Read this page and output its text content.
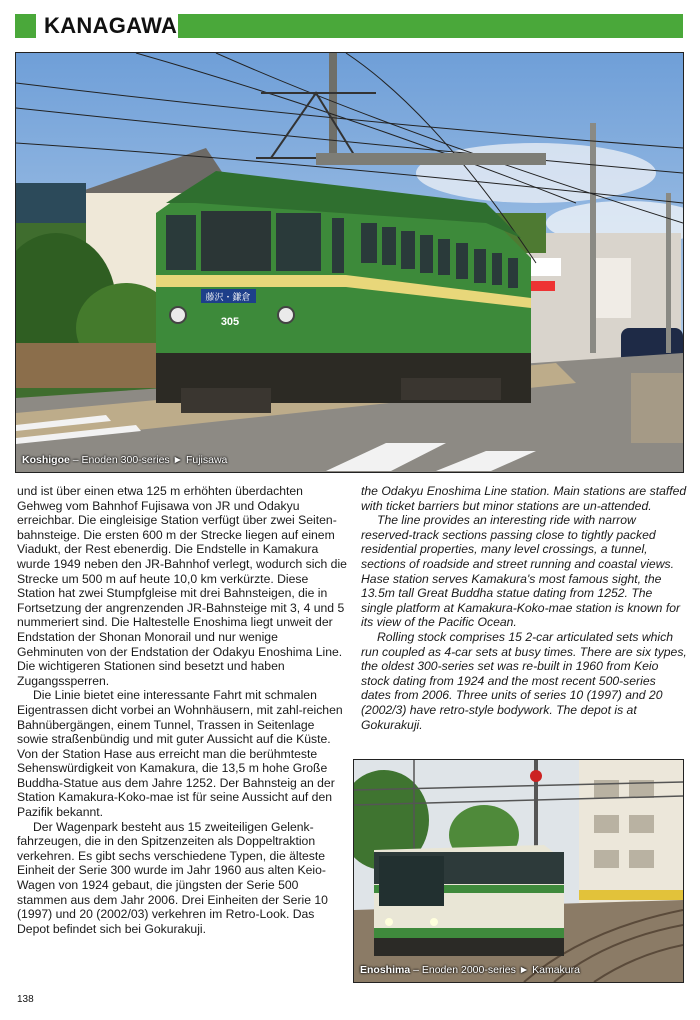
KANAGAWA
藤沢・鎌倉
305
Koshigoe – Enoden 300-series ► Fujisawa

und ist über einen etwa 125 m erhöhten überdachten Gehweg vom Bahnhof Fujisawa von JR und Odakyu erreichbar. Die eingleisige Station verfügt über zwei Seiten-bahnsteige. Die ersten 600 m der Strecke liegen auf einem Viadukt, der Rest ebenerdig. Die Endstelle in Kamakura wurde 1949 neben den JR-Bahnhof verlegt, wodurch sich die Strecke um 500 m auf heute 10,0 km verkürzte. Diese Station hat zwei Stumpfgleise mit drei Bahnsteigen, die in Fortsetzung der angrenzenden JR-Bahnsteige mit 3, 4 und 5 nummeriert sind. Die Haltestelle Enoshima liegt unweit der Endstation der Shonan Monorail und nur wenige Gehminuten von der Endstation der Odakyu Enoshima Line. Die wichtigeren Stationen sind besetzt und haben Zugangssperren.

Die Linie bietet eine interessante Fahrt mit schmalen Eigentrassen dicht vorbei an Wohnhäusern, mit zahl-reichen Bahnübergängen, einem Tunnel, Trassen in Seitenlage sowie straßenbündig und mit guter Aussicht auf die Küste. Von der Station Hase aus erreicht man die berühmteste Sehenswürdigkeit von Kamakura, die 13,5 m hohe Große Buddha-Statue aus dem Jahre 1252. Der Bahnsteig an der Station Kamakura-Koko-mae ist für seine Aussicht auf den Pazifik bekannt.

Der Wagenpark besteht aus 15 zweiteiligen Gelenk-fahrzeugen, die in den Spitzenzeiten als Doppeltraktion verkehren. Es gibt sechs verschiedene Typen, die älteste Einheit der Serie 300 wurde im Jahr 1960 aus alten Keio-Wagen von 1924 gebaut, die jüngsten der Serie 500 stammen aus dem Jahr 2006. Drei Einheiten der Serie 10 (1997) und 20 (2002/03) verkehren im Retro-Look. Das Depot befindet sich bei Gokurakuji.

the Odakyu Enoshima Line station. Main stations are staffed with ticket barriers but minor stations are un-attended.

The line provides an interesting ride with narrow reserved-track sections passing close to tightly packed residential properties, many level crossings, a tunnel, sections of roadside and street running and coastal views. Hase station serves Kamakura's most famous sight, the 13.5m tall Great Buddha statue dating from 1252. The single platform at Kamakura-Koko-mae station is known for its view of the Pacific Ocean.

Rolling stock comprises 15 2-car articulated sets which run coupled as 4-car sets at busy times. There are six types, the oldest 300-series set was re-built in 1960 from Keio stock dating from 1924 and the most recent 500-series dates from 2006. Three units of series 10 (1997) and 20 (2002/3) have retro-style bodywork. The depot is at Gokurakuji.

Enoshima – Enoden 2000-series ► Kamakura
138
